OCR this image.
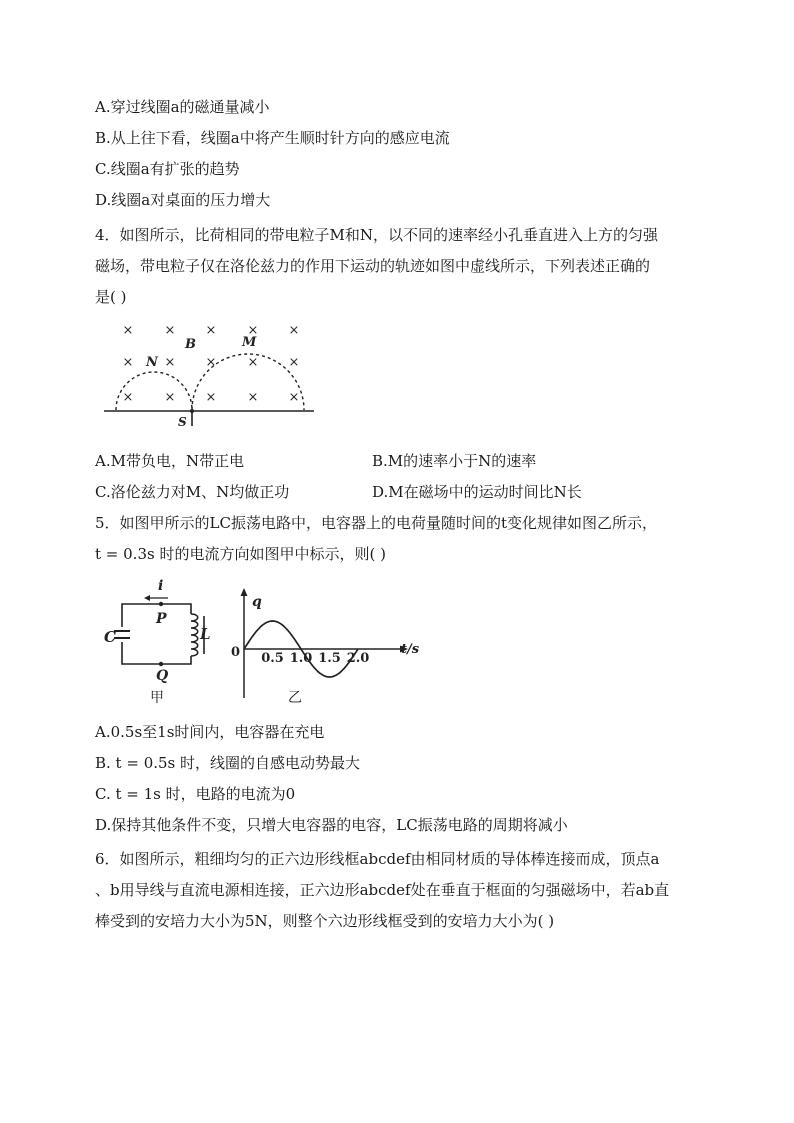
A.穿过线圈a的磁通量减小
B.从上往下看，线圈a中将产生顺时针方向的感应电流
C.线圈a有扩张的趋势
D.线圈a对桌面的压力增大
4．如图所示，比荷相同的带电粒子M和N，以不同的速率经小孔垂直进入上方的匀强
磁场，带电粒子仅在洛伦兹力的作用下运动的轨迹如图中虚线所示，下列表述正确的
是( )
× × × × ×
× × × × ×
× × × × ×
B	M
N
S
A.M带负电，N带正电	B.M的速率小于N的速率
C.洛伦兹力对M、N均做正功	D.M在磁场中的运动时间比N长
5．如图甲所示的LC振荡电路中，电容器上的电荷量随时间的t变化规律如图乙所示，
t = 0.3s 时的电流方向如图甲中标示，则( )
i
P
C	L
Q
甲
q
t/s
0 0.5 1.0 1.5 2.0
乙
A.0.5s至1s时间内，电容器在充电
B. t = 0.5s 时，线圈的自感电动势最大
C. t = 1s 时，电路的电流为0
D.保持其他条件不变，只增大电容器的电容，LC振荡电路的周期将减小
6．如图所示，粗细均匀的正六边形线框abcdef由相同材质的导体棒连接而成，顶点a
、b用导线与直流电源相连接，正六边形abcdef处在垂直于框面的匀强磁场中，若ab直
棒受到的安培力大小为5N，则整个六边形线框受到的安培力大小为( )
